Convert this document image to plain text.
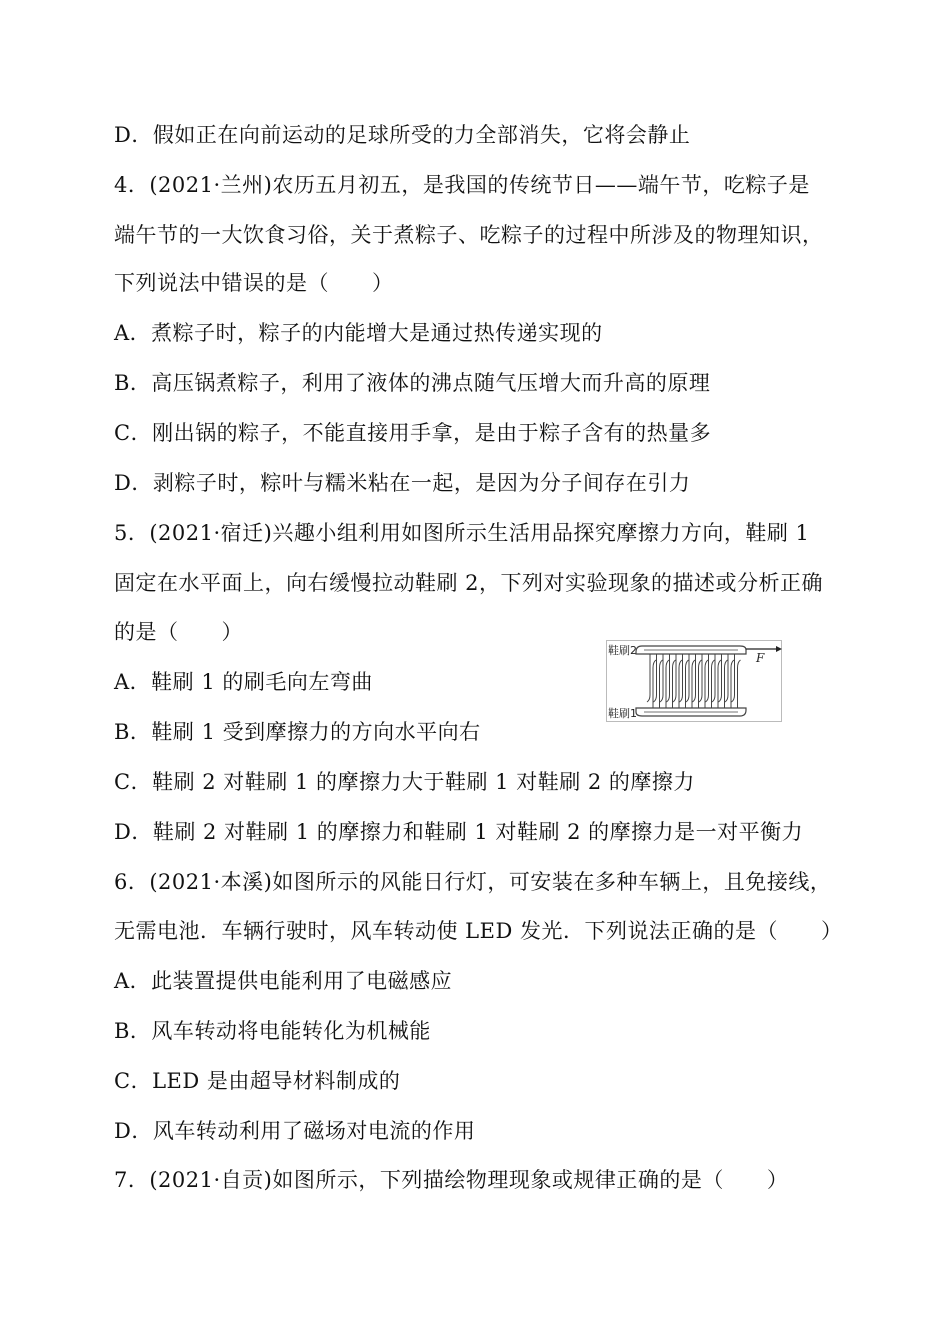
D．假如正在向前运动的足球所受的力全部消失，它将会静止
4．(2021·兰州)农历五月初五，是我国的传统节日——端午节，吃粽子是
端午节的一大饮食习俗，关于煮粽子、吃粽子的过程中所涉及的物理知识，
下列说法中错误的是（　　）
A．煮粽子时，粽子的内能增大是通过热传递实现的
B．高压锅煮粽子，利用了液体的沸点随气压增大而升高的原理
C．刚出锅的粽子，不能直接用手拿，是由于粽子含有的热量多
D．剥粽子时，粽叶与糯米粘在一起，是因为分子间存在引力
5．(2021·宿迁)兴趣小组利用如图所示生活用品探究摩擦力方向，鞋刷 1
固定在水平面上，向右缓慢拉动鞋刷 2，下列对实验现象的描述或分析正确
的是（　　）
A．鞋刷 1 的刷毛向左弯曲
B．鞋刷 1 受到摩擦力的方向水平向右
C．鞋刷 2 对鞋刷 1 的摩擦力大于鞋刷 1 对鞋刷 2 的摩擦力
D．鞋刷 2 对鞋刷 1 的摩擦力和鞋刷 1 对鞋刷 2 的摩擦力是一对平衡力
鞋刷2
鞋刷1
F
6．(2021·本溪)如图所示的风能日行灯，可安装在多种车辆上，且免接线，
无需电池．车辆行驶时，风车转动使 LED 发光．下列说法正确的是（　　）
A．此装置提供电能利用了电磁感应
B．风车转动将电能转化为机械能
C．LED 是由超导材料制成的
D．风车转动利用了磁场对电流的作用
7．(2021·自贡)如图所示，下列描绘物理现象或规律正确的是（　　）
